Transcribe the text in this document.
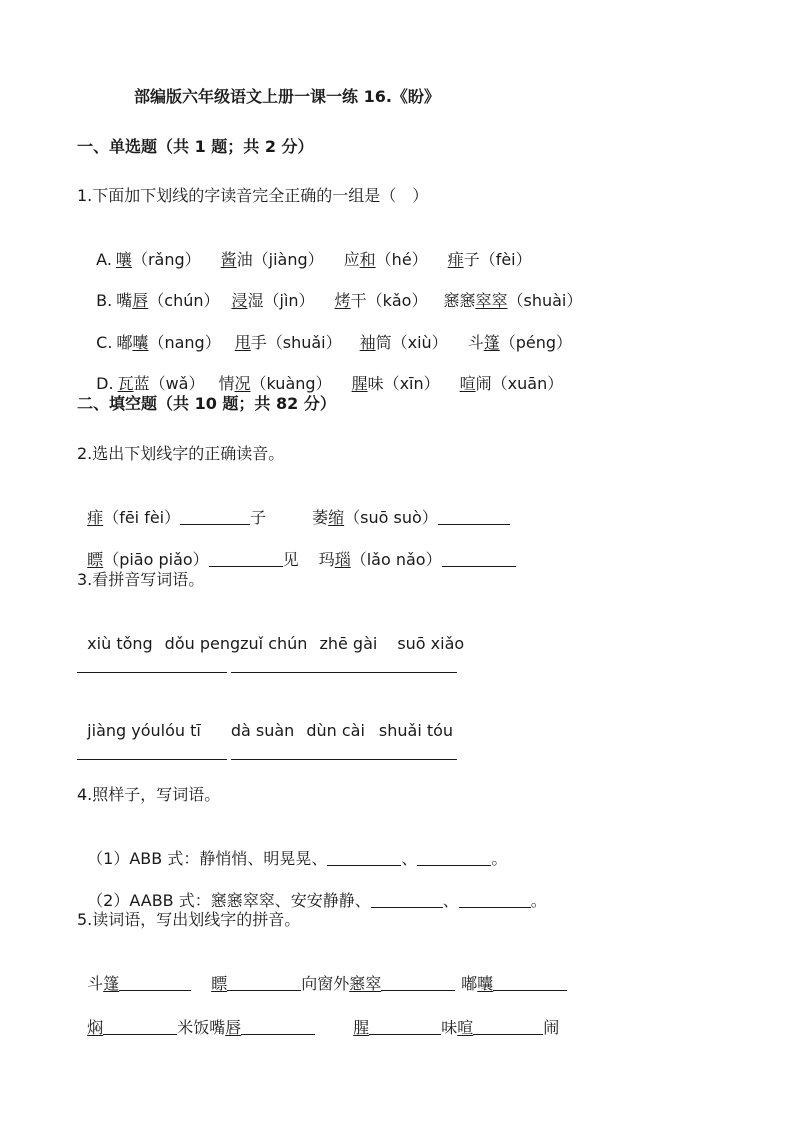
部编版六年级语文上册一课一练 16.《盼》
一、单选题（共 1 题；共 2 分）
1.下面加下划线的字读音完全正确的一组是（　）

A. 嚷（rǎng） 酱油（jiàng） 应和（hé） 痱子（fèi）

B. 嘴唇（chún） 浸湿（jìn） 烤干（kǎo） 窸窸窣窣（shuài）

C. 嘟囔（nang） 甩手（shuǎi） 袖筒（xiù） 斗篷（péng）

D. 瓦蓝（wǎ） 情况（kuàng） 腥味（xīn） 喧闹（xuān）

二、填空题（共 10 题；共 82 分）
2.选出下划线字的正确读音。

痱（fēi fèi）	子	萎缩（suō suò）

瞟（piāo piǎo）	见 玛瑙（lǎo nǎo）

3.看拼音写词语。

xiù tǒng dǒu pengzuǐ chún zhē gài suō xiǎo

jiàng yóulóu tī dà suàn dùn cài shuǎi tóu

4.照样子，写词语。

（1）ABB 式：静悄悄、明晃晃、	、	。

（2）AABB 式：窸窸窣窣、安安静静、	、	。

5.读词语，写出划线字的拼音。

斗篷	瞟	向窗外窸窣	嘟囔

焖	米饭嘴唇	腥	味喧	闹
